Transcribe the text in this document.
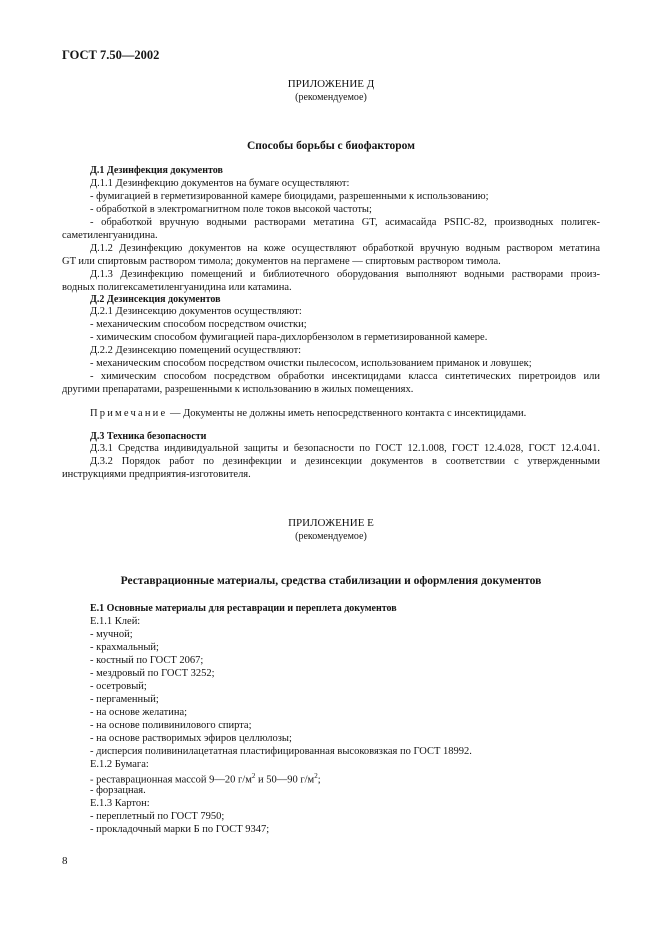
ГОСТ 7.50—2002
ПРИЛОЖЕНИЕ Д
(рекомендуемое)
Способы борьбы с биофактором
Д.1 Дезинфекция документов
Д.1.1 Дезинфекцию документов на бумаге осуществляют:
- фумигацией в герметизированной камере биоцидами, разрешенными к использованию;
- обработкой в электромагнитном поле токов высокой частоты;
- обработкой вручную водными растворами метатина GT, асимасайда PSПС-82, производных полигек-
саметиленгуанидина.
Д.1.2 Дезинфекцию документов на коже осуществляют обработкой вручную водным раствором метатина
GT или спиртовым раствором тимола; документов на пергамене — спиртовым раствором тимола.
Д.1.3 Дезинфекцию помещений и библиотечного оборудования выполняют водными растворами произ-
водных полигексаметиленгуанидина или катамина.
Д.2 Дезинсекция документов
Д.2.1 Дезинсекцию документов осуществляют:
- механическим способом посредством очистки;
- химическим способом фумигацией пара-дихлорбензолом в герметизированной камере.
Д.2.2 Дезинсекцию помещений осуществляют:
- механическим способом посредством очистки пылесосом, использованием приманок и ловушек;
- химическим способом посредством обработки инсектицидами класса синтетических пиретроидов или
другими препаратами, разрешенными к использованию в жилых помещениях.
Примечание — Документы не должны иметь непосредственного контакта с инсектицидами.
Д.3 Техника безопасности
Д.3.1 Средства индивидуальной защиты и безопасности по ГОСТ 12.1.008, ГОСТ 12.4.028, ГОСТ 12.4.041.
Д.3.2 Порядок работ по дезинфекции и дезинсекции документов в соответствии с утвержденными
инструкциями предприятия-изготовителя.
ПРИЛОЖЕНИЕ Е
(рекомендуемое)
Реставрационные материалы, средства стабилизации и оформления документов
Е.1 Основные материалы для реставрации и переплета документов
Е.1.1 Клей:
- мучной;
- крахмальный;
- костный по ГОСТ 2067;
- мездровый по ГОСТ 3252;
- осетровый;
- пергаменный;
- на основе желатина;
- на основе поливинилового спирта;
- на основе растворимых эфиров целлюлозы;
- дисперсия поливинилацетатная пластифицированная высоковязкая по ГОСТ 18992.
Е.1.2 Бумага:
- реставрационная массой 9—20 $г/м^2$ и 50—90 $г/м^2$;
- форзацная.
Е.1.3 Картон:
- переплетный по ГОСТ 7950;
- прокладочный марки Б по ГОСТ 9347;
8
